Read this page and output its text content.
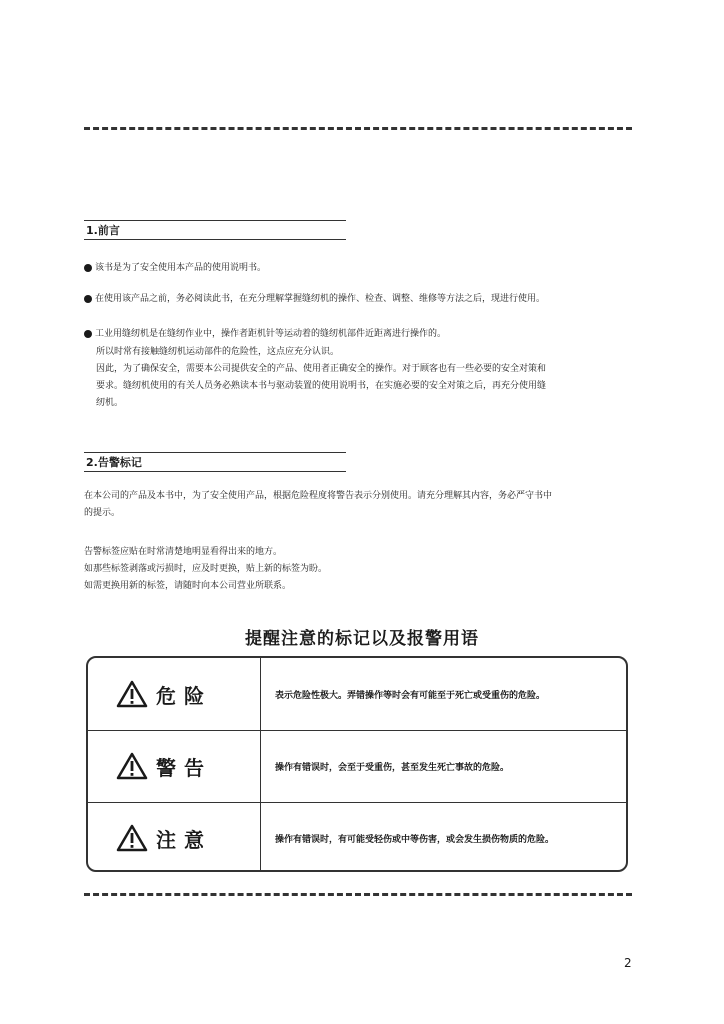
1.前言
该书是为了安全使用本产品的使用说明书。
在使用该产品之前，务必阅读此书，在充分理解掌握缝纫机的操作、检查、调整、维修等方法之后，现进行使用。
工业用缝纫机是在缝纫作业中，操作者距机针等运动着的缝纫机部件近距离进行操作的。
所以时常有接触缝纫机运动部件的危险性，这点应充分认识。
因此，为了确保安全，需要本公司提供安全的产品、使用者正确安全的操作。对于顾客也有一些必要的安全对策和
要求。缝纫机使用的有关人员务必熟读本书与驱动装置的使用说明书，在实施必要的安全对策之后，再充分使用缝
纫机。
2.告警标记
在本公司的产品及本书中，为了安全使用产品，根据危险程度将警告表示分别使用。请充分理解其内容，务必严守书中
的提示。
告警标签应贴在时常清楚地明显看得出来的地方。
如那些标签剥落或污损时，应及时更换，贴上新的标签为盼。
如需更换用新的标签，请随时向本公司营业所联系。
提醒注意的标记以及报警用语
危险	表示危险性极大。弄错操作等时会有可能至于死亡或受重伤的危险。
警告	操作有错误时，会至于受重伤，甚至发生死亡事故的危险。
注意	操作有错误时，有可能受轻伤或中等伤害，或会发生损伤物质的危险。
2
